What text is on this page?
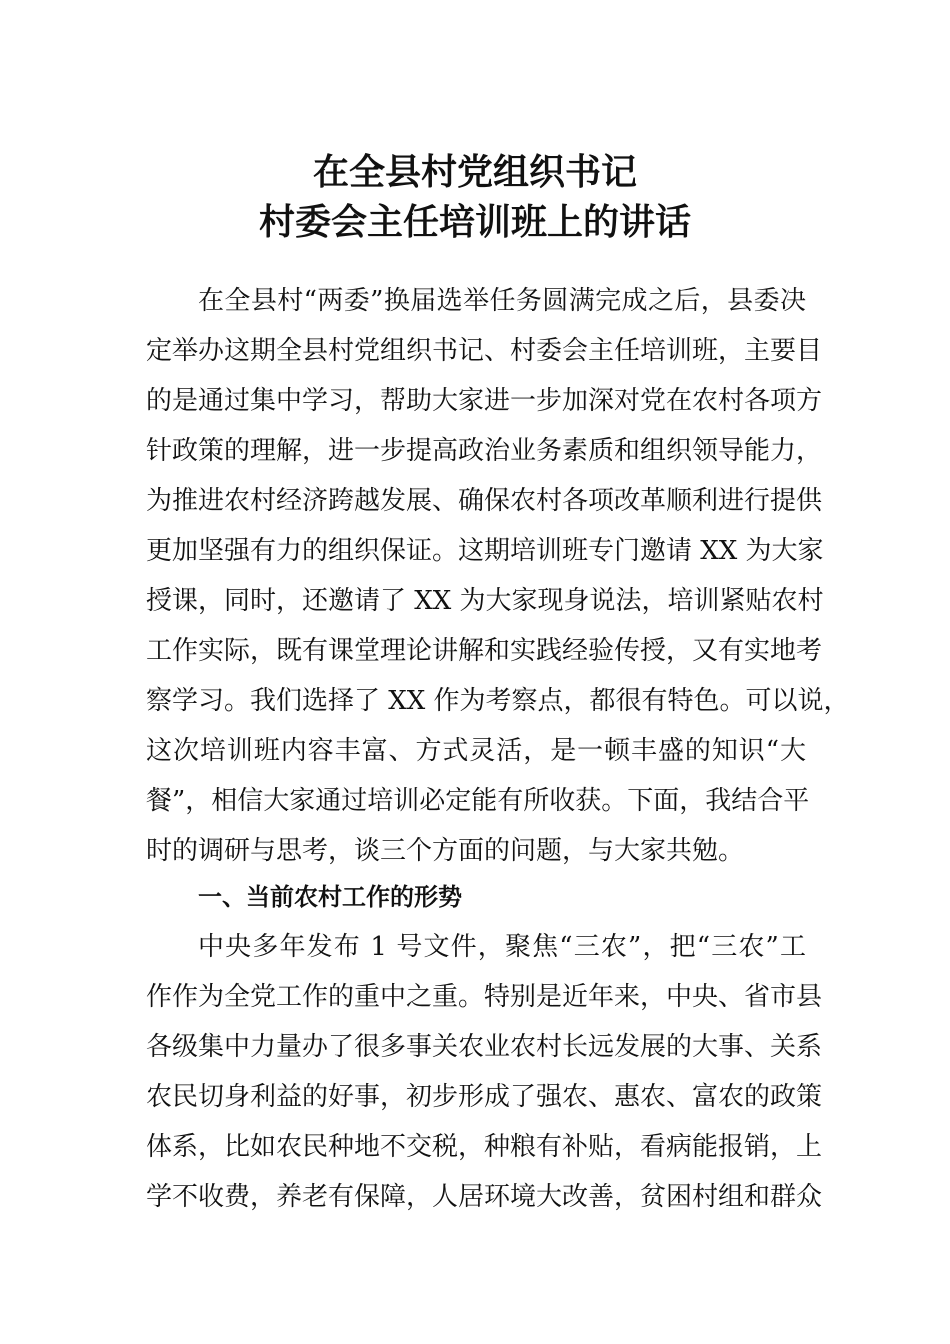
在全县村党组织书记
村委会主任培训班上的讲话

在全县村“两委”换届选举任务圆满完成之后，县委决

定举办这期全县村党组织书记、村委会主任培训班，主要目

的是通过集中学习，帮助大家进一步加深对党在农村各项方

针政策的理解，进一步提高政治业务素质和组织领导能力，

为推进农村经济跨越发展、确保农村各项改革顺利进行提供

更加坚强有力的组织保证。这期培训班专门邀请 XX 为大家

授课，同时，还邀请了 XX 为大家现身说法，培训紧贴农村

工作实际，既有课堂理论讲解和实践经验传授，又有实地考

察学习。我们选择了 XX 作为考察点，都很有特色。可以说，

这次培训班内容丰富、方式灵活，是一顿丰盛的知识“大

餐”，相信大家通过培训必定能有所收获。下面，我结合平

时的调研与思考，谈三个方面的问题，与大家共勉。

一、当前农村工作的形势

中央多年发布 1 号文件，聚焦“三农”，把“三农”工

作作为全党工作的重中之重。特别是近年来，中央、省市县

各级集中力量办了很多事关农业农村长远发展的大事、关系

农民切身利益的好事，初步形成了强农、惠农、富农的政策

体系，比如农民种地不交税，种粮有补贴，看病能报销，上

学不收费，养老有保障，人居环境大改善，贫困村组和群众
